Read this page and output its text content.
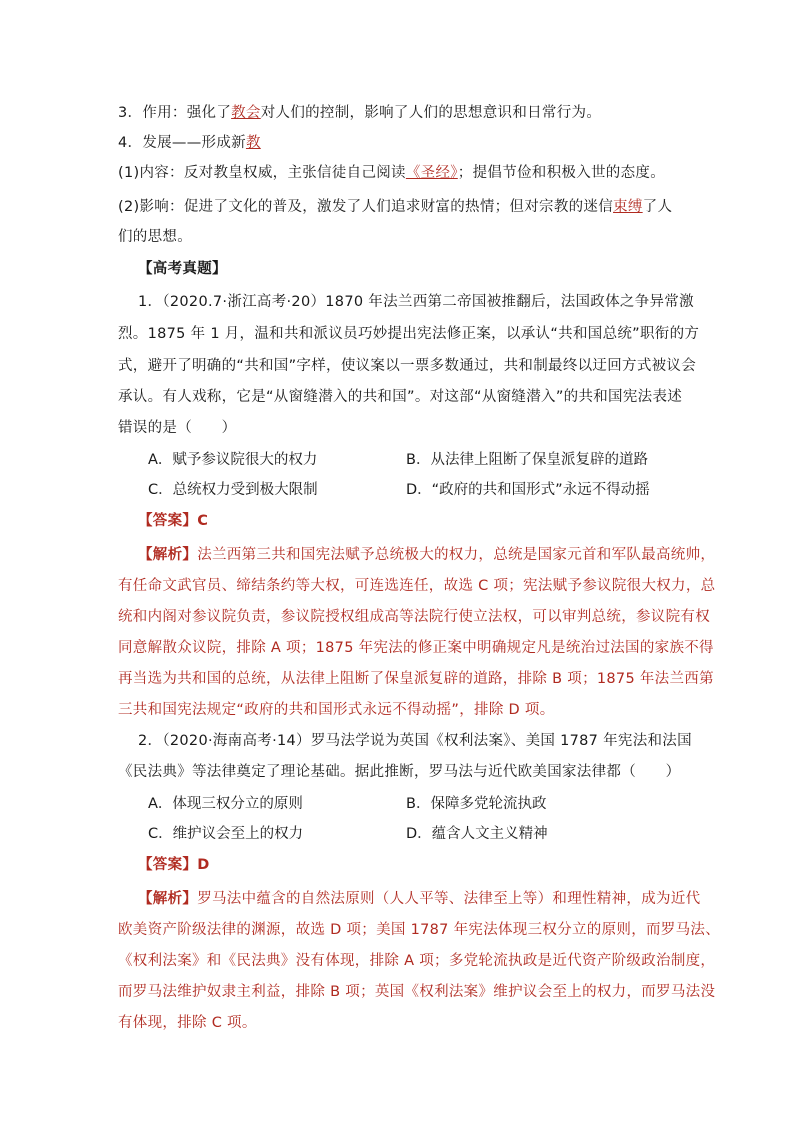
3．作用：强化了教会对人们的控制，影响了人们的思想意识和日常行为。
4．发展——形成新教
(1)内容：反对教皇权威，主张信徒自己阅读《圣经》；提倡节俭和积极入世的态度。
(2)影响：促进了文化的普及，激发了人们追求财富的热情；但对宗教的迷信束缚了人
们的思想。
【高考真题】
1．（2020.7·浙江高考·20）1870 年法兰西第二帝国被推翻后，法国政体之争异常激
烈。1875 年 1 月，温和共和派议员巧妙提出宪法修正案，以承认“共和国总统”职衔的方
式，避开了明确的“共和国”字样，使议案以一票多数通过，共和制最终以迂回方式被议会
承认。有人戏称，它是“从窗缝潜入的共和国”。对这部“从窗缝潜入”的共和国宪法表述
错误的是（　　）
A．赋予参议院很大的权力	B．从法律上阻断了保皇派复辟的道路
C．总统权力受到极大限制	D．“政府的共和国形式”永远不得动摇
【答案】C
【解析】法兰西第三共和国宪法赋予总统极大的权力，总统是国家元首和军队最高统帅，
有任命文武官员、缔结条约等大权，可连选连任，故选 C 项；宪法赋予参议院很大权力，总
统和内阁对参议院负责，参议院授权组成高等法院行使立法权，可以审判总统，参议院有权
同意解散众议院，排除 A 项；1875 年宪法的修正案中明确规定凡是统治过法国的家族不得
再当选为共和国的总统，从法律上阻断了保皇派复辟的道路，排除 B 项；1875 年法兰西第
三共和国宪法规定“政府的共和国形式永远不得动摇”，排除 D 项。
2．（2020·海南高考·14）罗马法学说为英国《权利法案》、美国 1787 年宪法和法国
《民法典》等法律奠定了理论基础。据此推断，罗马法与近代欧美国家法律都（　　）
A．体现三权分立的原则	B．保障多党轮流执政
C．维护议会至上的权力	D．蕴含人文主义精神
【答案】D
【解析】罗马法中蕴含的自然法原则（人人平等、法律至上等）和理性精神，成为近代
欧美资产阶级法律的渊源，故选 D 项；美国 1787 年宪法体现三权分立的原则，而罗马法、
《权利法案》和《民法典》没有体现，排除 A 项；多党轮流执政是近代资产阶级政治制度，
而罗马法维护奴隶主利益，排除 B 项；英国《权利法案》维护议会至上的权力，而罗马法没
有体现，排除 C 项。
